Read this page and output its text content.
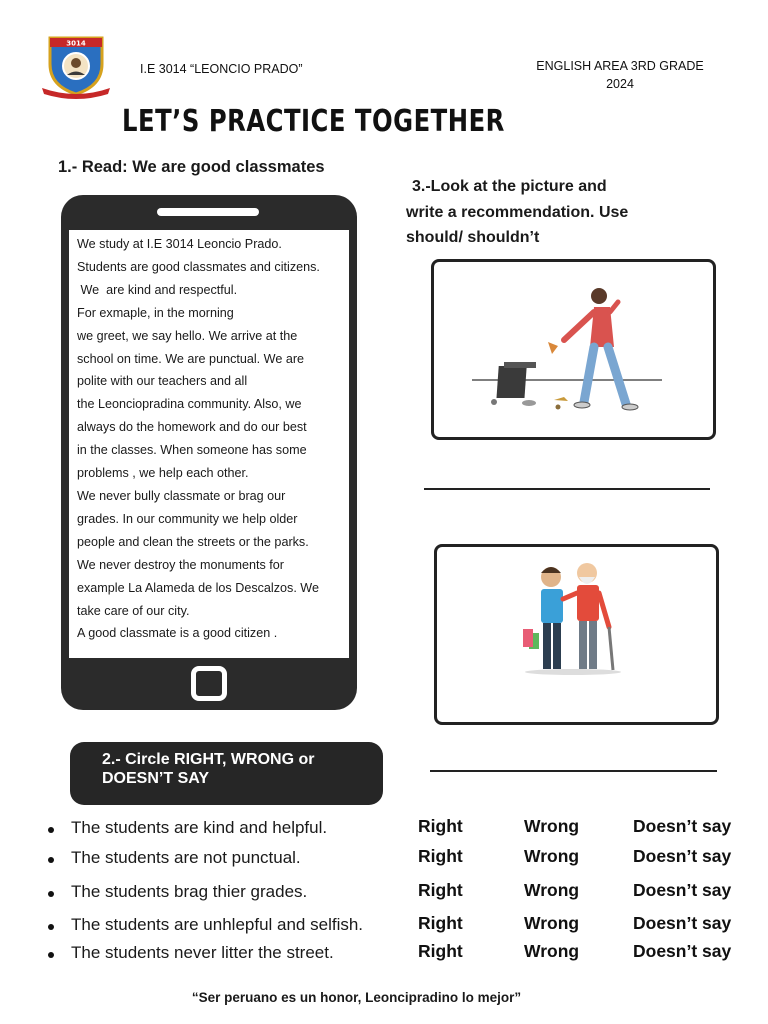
3014
I.E 3014 “LEONCIO PRADO”	ENGLISH AREA 3RD GRADE
2024
LET’S PRACTICE TOGETHER
1.- Read: We are good classmates
We study at I.E 3014 Leoncio Prado.
Students are good classmates and citizens.
We  are kind and respectful.
For exmaple, in the morning
we greet, we say hello. We arrive at the
school on time. We are punctual. We are
polite with our teachers and all
the Leonciopradina community. Also, we
always do the homework and do our best
in the classes. When someone has some
problems , we help each other.
We never bully classmate or brag our
grades. In our community we help older
people and clean the streets or the parks.
We never destroy the monuments for
example La Alameda de los Descalzos. We
take care of our city.
A good classmate is a good citizen .
3.-Look at the picture and
write a recommendation. Use
should/ shouldn’t
2.- Circle RIGHT, WRONG or
DOESN’T SAY
The students are kind and helpful.	Right	Wrong	Doesn’t say
The students are not punctual.	Right	Wrong	Doesn’t say
The students brag thier grades.	Right	Wrong	Doesn’t say
The students are unhlepful and selfish.	Right	Wrong	Doesn’t say
The students never litter the street.	Right	Wrong	Doesn’t say
“Ser peruano es un honor, Leoncipradino lo mejor”
